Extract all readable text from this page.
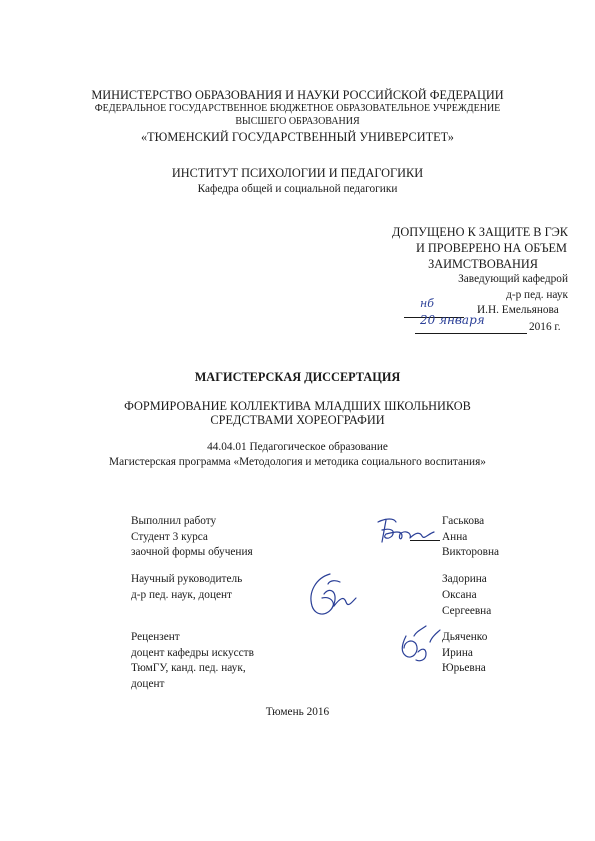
МИНИСТЕРСТВО ОБРАЗОВАНИЯ И НАУКИ РОССИЙСКОЙ ФЕДЕРАЦИИ
ФЕДЕРАЛЬНОЕ ГОСУДАРСТВЕННОЕ БЮДЖЕТНОЕ ОБРАЗОВАТЕЛЬНОЕ УЧРЕЖДЕНИЕ
ВЫСШЕГО ОБРАЗОВАНИЯ
«ТЮМЕНСКИЙ ГОСУДАРСТВЕННЫЙ УНИВЕРСИТЕТ»
ИНСТИТУТ ПСИХОЛОГИИ И ПЕДАГОГИКИ
Кафедра общей и социальной педагогики
ДОПУЩЕНО К ЗАЩИТЕ В ГЭК
И ПРОВЕРЕНО НА ОБЪЕМ
ЗАИМСТВОВАНИЯ
Заведующий кафедрой
д-р пед. наук
нб	И.Н. Емельянова
20 января	2016 г.
МАГИСТЕРСКАЯ ДИССЕРТАЦИЯ
ФОРМИРОВАНИЕ КОЛЛЕКТИВА МЛАДШИХ ШКОЛЬНИКОВ
СРЕДСТВАМИ ХОРЕОГРАФИИ
44.04.01 Педагогическое образование
Магистерская программа «Методология и методика социального воспитания»
Выполнил работу
Студент 3 курса
заочной формы обучения
Гаськова
Анна
Викторовна
Научный руководитель
д-р пед. наук, доцент
Задорина
Оксана
Сергеевна
Рецензент
доцент кафедры искусств
ТюмГУ, канд. пед. наук,
доцент
Дьяченко
Ирина
Юрьевна
Тюмень 2016
